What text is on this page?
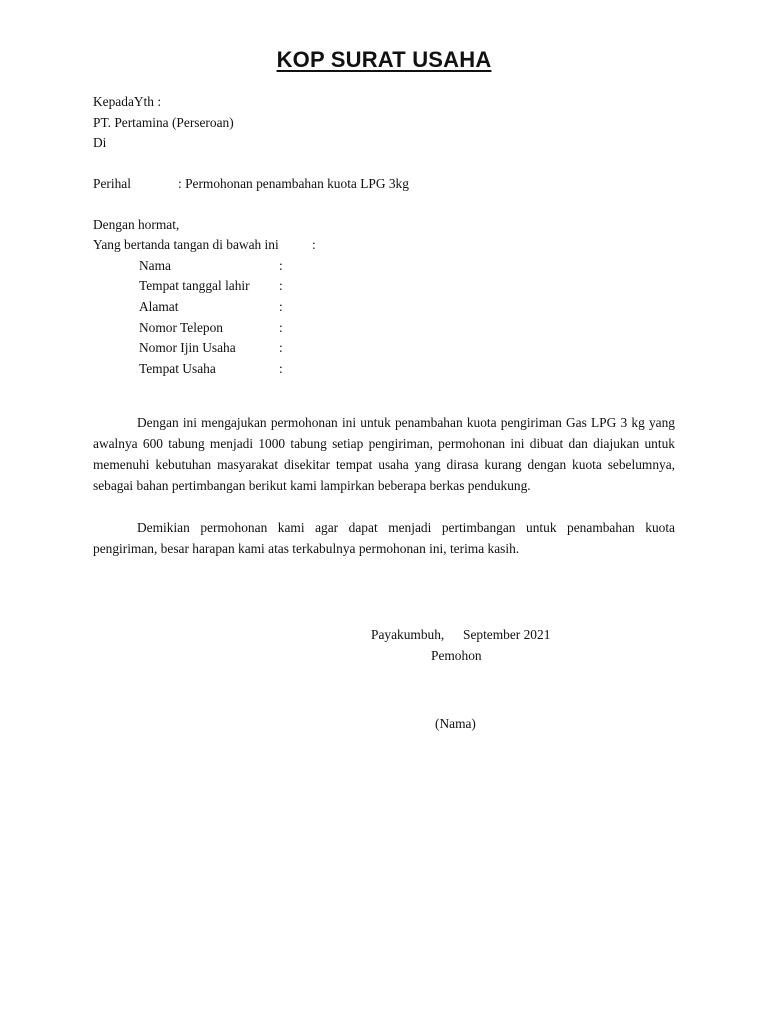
KOP SURAT USAHA
KepadaYth :
PT. Pertamina (Perseroan)
Di
Perihal	: Permohonan penambahan kuota LPG 3kg
Dengan hormat,
Yang bertanda tangan di bawah ini :
Nama	:
Tempat tanggal lahir :
Alamat	:
Nomor Telepon	:
Nomor Ijin Usaha	:
Tempat Usaha	:

Dengan ini mengajukan permohonan ini untuk penambahan kuota pengiriman Gas LPG 3 kg yang awalnya 600 tabung menjadi 1000 tabung setiap pengiriman, permohonan ini dibuat dan diajukan untuk memenuhi kebutuhan masyarakat disekitar tempat usaha yang dirasa kurang dengan kuota sebelumnya, sebagai bahan pertimbangan berikut kami lampirkan beberapa berkas pendukung.

Demikian permohonan kami agar dapat menjadi pertimbangan untuk penambahan kuota pengiriman, besar harapan kami atas terkabulnya permohonan ini, terima kasih.

Payakumbuh, September 2021
Pemohon
(Nama)
